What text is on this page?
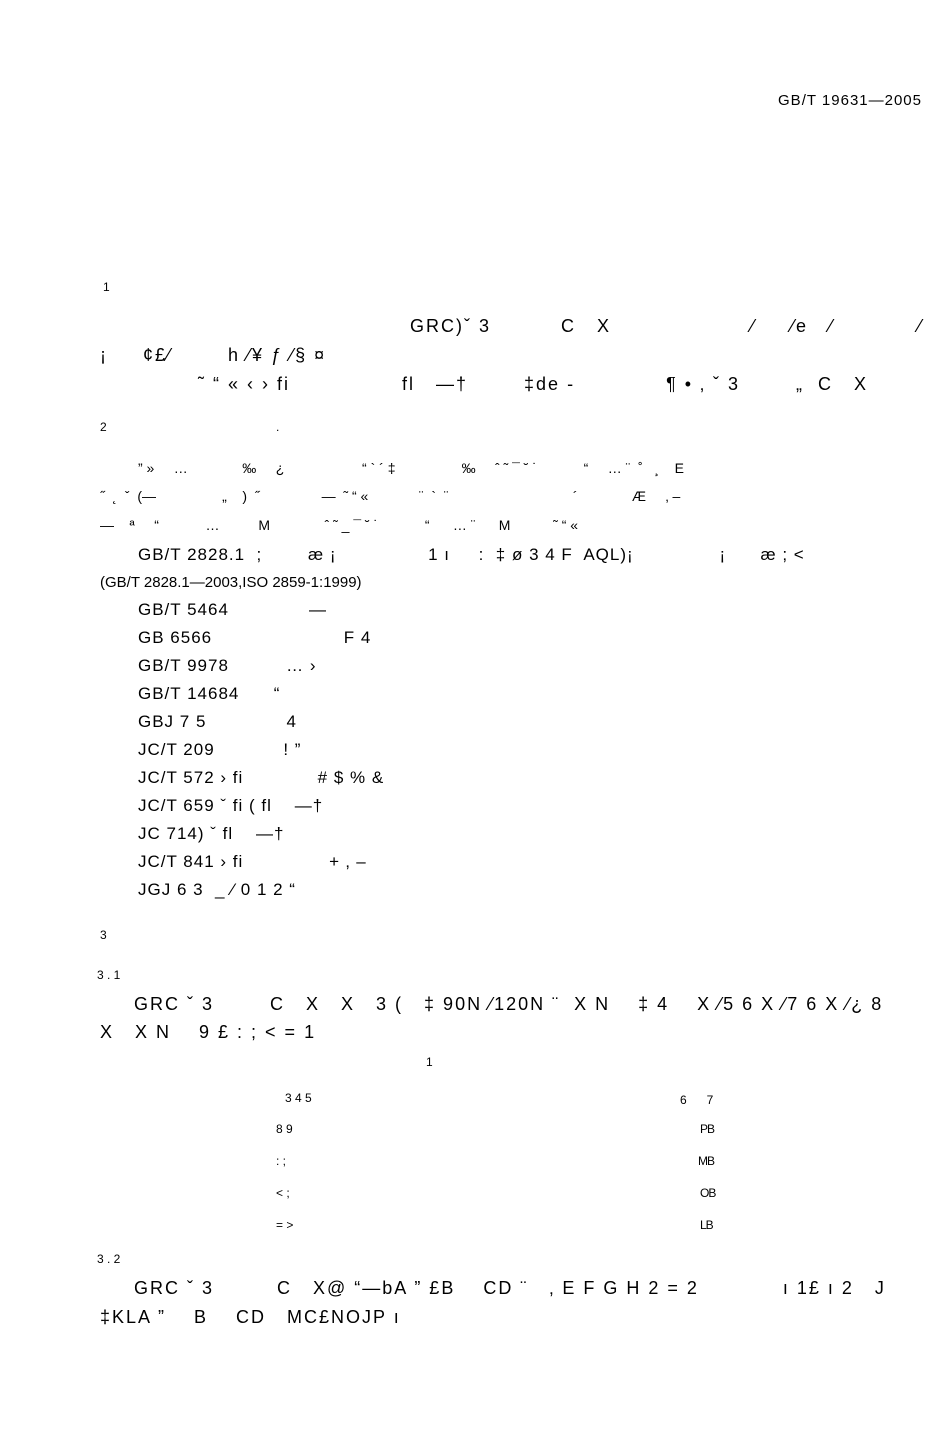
GB/T 19631—2005
1
GRC)ˇ 3          C   X                    ⁄     ⁄e   ⁄            ⁄
¡     ¢£⁄        h ⁄¥ ƒ ⁄§ ¤
˜ “ « ‹ › fi                fl   —†        ‡de -             ¶ • ‚ ˇ 3        „  C   X
2	.
” »     …              ‰     ¿                    “ ` ´ ‡                 ‰     ˆ ˜ ¯ ˘ ˙            “     … ¨  ˚   ¸    E
˝  ˛  ˇ  (—                 „    )  ˝                —  ˜ “ «             ¨  `  ¨                                ´              Æ     ‚ –
—    ª     “            …          M              ˆ ˜ _ ¯ ˘ ˙            “      … ¨      M           ˜ “ «
GB/T 2828.1  ;        æ ¡                1 ı     :  ‡ ø 3 4 F  AQL)¡               ¡      æ ; <
(GB/T 2828.1—2003,ISO 2859-1:1999)
GB/T 5464              —
GB 6566                       F 4
GB/T 9978          … ›
GB/T 14684      “
GBJ 7 5              4
JC/T 209            ! ”
JC/T 572 › fi             # $ % &
JC/T 659 ˇ fi ( fl    —†
JC 714) ˇ fl    —†
JC/T 841 › fi               + ‚ –
JGJ 6 3  _ ⁄ 0 1 2 “
3
3 . 1
GRC ˇ 3        C   X   X   3 (   ‡ 90N ⁄120N ¨  X N    ‡ 4    X ⁄5 6 X ⁄7 6 X ⁄¿ 8
X   X N    9 £ : ; < = 1
1
3 4 5	6      7
8 9	PB
: ;	MB
< ;	OB
= >	LB
3 . 2
GRC ˇ 3         C   X@ “—bA ” £B    CD ¨   ‚ E F G H 2 = 2            ı 1£ ı 2   J
‡KLA ”    B    CD   MC£NOJP ı
